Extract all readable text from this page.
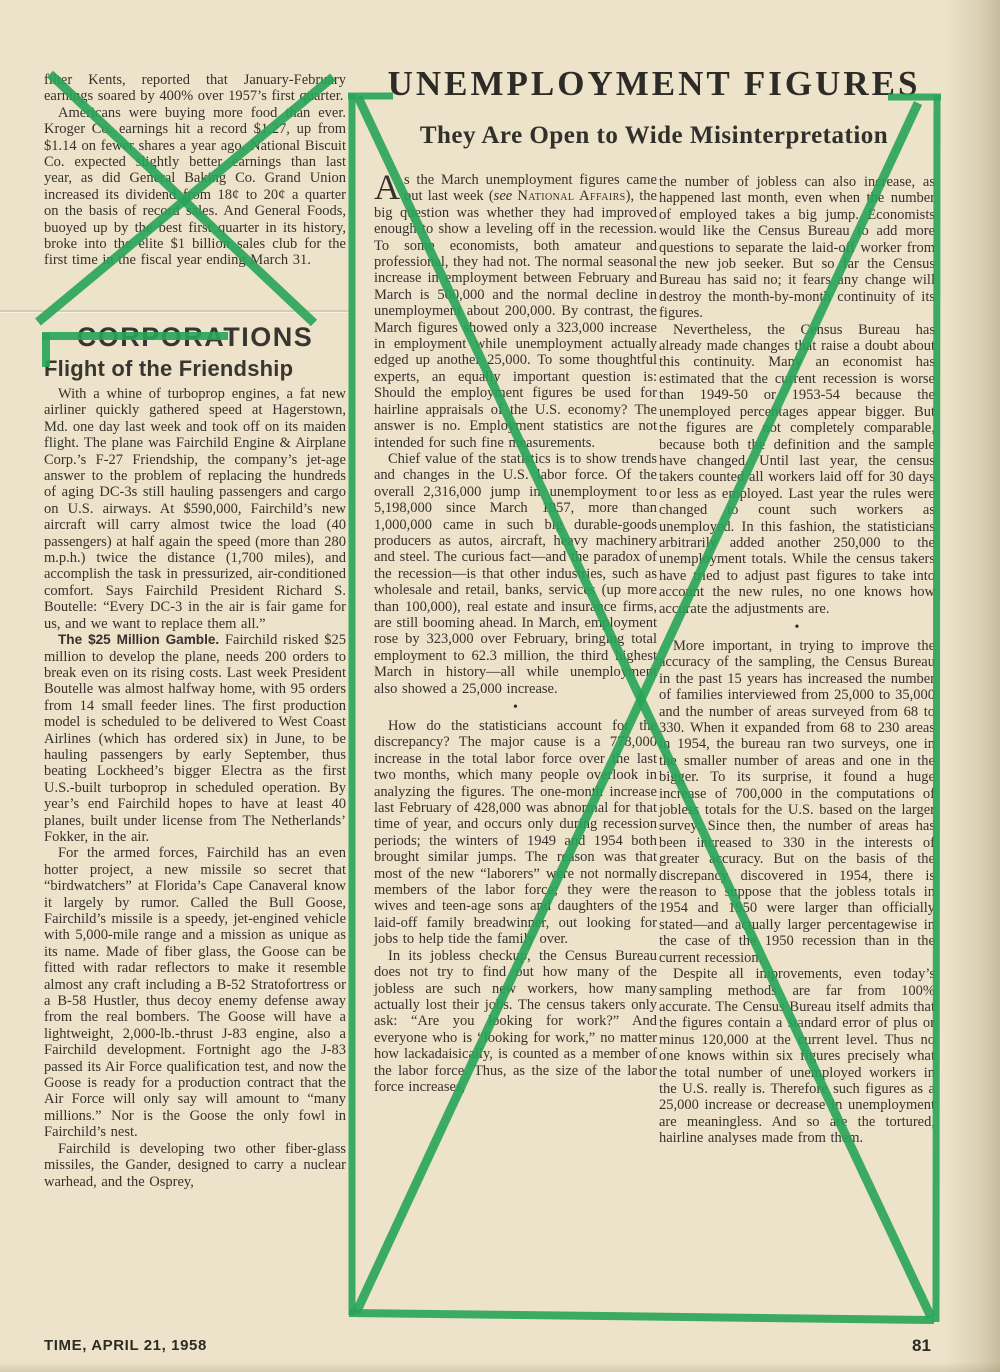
filter Kents, reported that January-February earnings soared by 400% over 1957’s first quarter.

Americans were buying more food than ever. Kroger Co. earnings hit a record $1.27, up from $1.14 on fewer shares a year ago. National Biscuit Co. expected slightly better earnings than last year, as did General Baking Co. Grand Union increased its dividend from 18¢ to 20¢ a quarter on the basis of record sales. And General Foods, buoyed up by the best first quarter in its history, broke into the elite $1 billion sales club for the first time in the fiscal year ending March 31.

CORPORATIONS
Flight of the Friendship

With a whine of turboprop engines, a fat new airliner quickly gathered speed at Hagerstown, Md. one day last week and took off on its maiden flight. The plane was Fairchild Engine & Airplane Corp.’s F-27 Friendship, the company’s jet-age answer to the problem of replacing the hundreds of aging DC-3s still hauling passengers and cargo on U.S. airways. At $590,000, Fairchild’s new aircraft will carry almost twice the load (40 passengers) at half again the speed (more than 280 m.p.h.) twice the distance (1,700 miles), and accomplish the task in pressurized, air-conditioned comfort. Says Fairchild President Richard S. Boutelle: “Every DC-3 in the air is fair game for us, and we want to replace them all.”

The $25 Million Gamble. Fairchild risked $25 million to develop the plane, needs 200 orders to break even on its rising costs. Last week President Boutelle was almost halfway home, with 95 orders from 14 small feeder lines. The first production model is scheduled to be delivered to West Coast Airlines (which has ordered six) in June, to be hauling passengers by early September, thus beating Lockheed’s bigger Electra as the first U.S.-built turboprop in scheduled operation. By year’s end Fairchild hopes to have at least 40 planes, built under license from The Netherlands’ Fokker, in the air.

For the armed forces, Fairchild has an even hotter project, a new missile so secret that “birdwatchers” at Florida’s Cape Canaveral know it largely by rumor. Called the Bull Goose, Fairchild’s missile is a speedy, jet-engined vehicle with 5,000-mile range and a mission as unique as its name. Made of fiber glass, the Goose can be fitted with radar reflectors to make it resemble almost any craft including a B-52 Stratofortress or a B-58 Hustler, thus decoy enemy defense away from the real bombers. The Goose will have a lightweight, 2,000-lb.-thrust J-83 engine, also a Fairchild development. Fortnight ago the J-83 passed its Air Force qualification test, and now the Goose is ready for a production contract that the Air Force will only say will amount to “many millions.” Nor is the Goose the only fowl in Fairchild’s nest.

Fairchild is developing two other fiber-glass missiles, the Gander, designed to carry a nuclear warhead, and the Osprey,

UNEMPLOYMENT FIGURES
They Are Open to Wide Misinterpretation

As the March unemployment figures came out last week (see National Affairs), the big question was whether they had improved enough to show a leveling off in the recession. To some economists, both amateur and professional, they had not. The normal seasonal increase in employment between February and March is 500,000 and the normal decline in unemployment about 200,000. By contrast, the March figures showed only a 323,000 increase in employment while unemployment actually edged up another 25,000. To some thoughtful experts, an equally important question is: Should the employment figures be used for hairline appraisals of the U.S. economy? The answer is no. Employment statistics are not intended for such fine measurements.

Chief value of the statistics is to show trends and changes in the U.S. labor force. Of the overall 2,316,000 jump in unemployment to 5,198,000 since March 1957, more than 1,000,000 came in such big durable-goods producers as autos, aircraft, heavy machinery and steel. The curious fact—and the paradox of the recession—is that other industries, such as wholesale and retail, banks, services (up more than 100,000), real estate and insurance firms, are still booming ahead. In March, employment rose by 323,000 over February, bringing total employment to 62.3 million, the third highest March in history—all while unemployment also showed a 25,000 increase.

•

How do the statisticians account for the discrepancy? The major cause is a 778,000 increase in the total labor force over the last two months, which many people overlook in analyzing the figures. The one-month increase last February of 428,000 was abnormal for that time of year, and occurs only during recession periods; the winters of 1949 and 1954 both brought similar jumps. The reason was that most of the new “laborers” were not normally members of the labor force; they were the wives and teen-age sons and daughters of the laid-off family breadwinner, out looking for jobs to help tide the family over.

In its jobless checkup, the Census Bureau does not try to find out how many of the jobless are such new workers, how many actually lost their jobs. The census takers only ask: “Are you looking for work?” And everyone who is “looking for work,” no matter how lackadaisically, is counted as a member of the labor force. Thus, as the size of the labor force increases,

the number of jobless can also increase, as happened last month, even when the number of employed takes a big jump. Economists would like the Census Bureau to add more questions to separate the laid-off worker from the new job seeker. But so far the Census Bureau has said no; it fears any change will destroy the month-by-month continuity of its figures.

Nevertheless, the Census Bureau has already made changes that raise a doubt about this continuity. Many an economist has estimated that the current recession is worse than 1949-50 or 1953-54 because the unemployed percentages appear bigger. But the figures are not completely comparable, because both the definition and the sample have changed. Until last year, the census takers counted all workers laid off for 30 days or less as employed. Last year the rules were changed to count such workers as unemployed. In this fashion, the statisticians arbitrarily added another 250,000 to the unemployment totals. While the census takers have tried to adjust past figures to take into account the new rules, no one knows how accurate the adjustments are.

•

More important, in trying to improve the accuracy of the sampling, the Census Bureau in the past 15 years has increased the number of families interviewed from 25,000 to 35,000 and the number of areas surveyed from 68 to 330. When it expanded from 68 to 230 areas in 1954, the bureau ran two surveys, one in the smaller number of areas and one in the bigger. To its surprise, it found a huge increase of 700,000 in the computations of jobless totals for the U.S. based on the larger survey. Since then, the number of areas has been increased to 330 in the interests of greater accuracy. But on the basis of the discrepancy discovered in 1954, there is reason to suppose that the jobless totals in 1954 and 1950 were larger than officially stated—and actually larger percentagewise in the case of the 1950 recession than in the current recession.

Despite all improvements, even today’s sampling methods are far from 100% accurate. The Census Bureau itself admits that the figures contain a standard error of plus or minus 120,000 at the current level. Thus no one knows within six figures precisely what the total number of unemployed workers in the U.S. really is. Therefore such figures as a 25,000 increase or decrease in unemployment are meaningless. And so are the tortured, hairline analyses made from them.

TIME, APRIL 21, 1958	81
